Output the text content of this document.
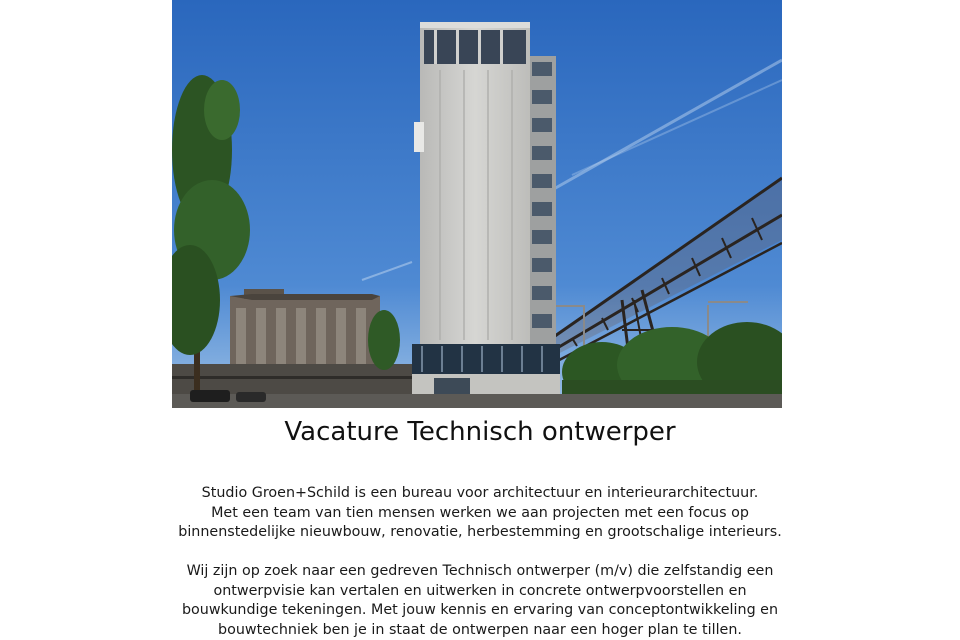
Vacature Technisch ontwerper

Studio Groen+Schild is een bureau voor architectuur en interieurarchitectuur.
Met een team van tien mensen werken we aan projecten met een focus op
binnenstedelijke nieuwbouw, renovatie, herbestemming en grootschalige interieurs.

Wij zijn op zoek naar een gedreven Technisch ontwerper (m/v) die zelfstandig een
ontwerpvisie kan vertalen en uitwerken in concrete ontwerpvoorstellen en
bouwkundige tekeningen. Met jouw kennis en ervaring van conceptontwikkeling en
bouwtechniek ben je in staat de ontwerpen naar een hoger plan te tillen.
